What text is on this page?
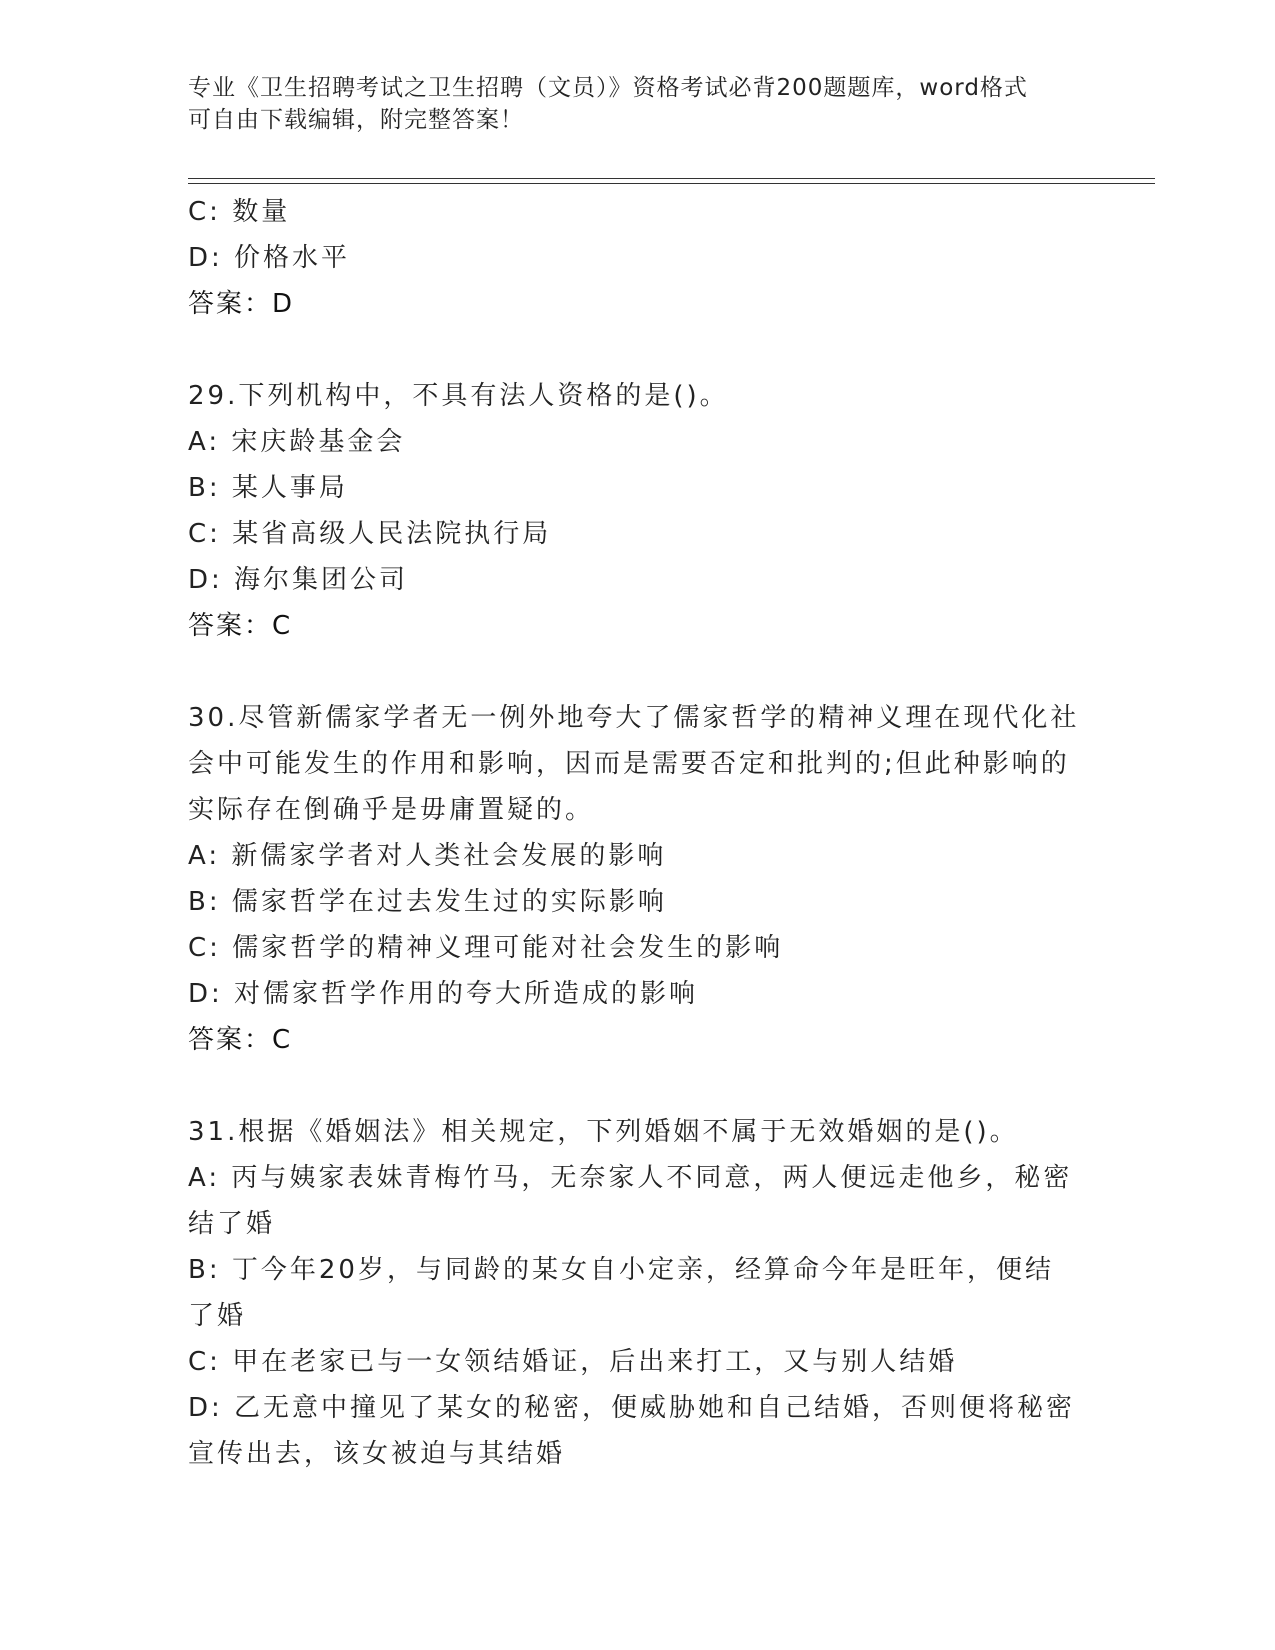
专业《卫生招聘考试之卫生招聘（文员）》资格考试必背200题题库，word格式
可自由下载编辑，附完整答案！
C: 数量
D: 价格水平
答案：D
29.下列机构中，不具有法人资格的是()。
A: 宋庆龄基金会
B: 某人事局
C: 某省高级人民法院执行局
D: 海尔集团公司
答案：C
30.尽管新儒家学者无一例外地夸大了儒家哲学的精神义理在现代化社
会中可能发生的作用和影响，因而是需要否定和批判的;但此种影响的
实际存在倒确乎是毋庸置疑的。
A: 新儒家学者对人类社会发展的影响
B: 儒家哲学在过去发生过的实际影响
C: 儒家哲学的精神义理可能对社会发生的影响
D: 对儒家哲学作用的夸大所造成的影响
答案：C
31.根据《婚姻法》相关规定，下列婚姻不属于无效婚姻的是()。
A: 丙与姨家表妹青梅竹马，无奈家人不同意，两人便远走他乡，秘密
结了婚
B: 丁今年20岁，与同龄的某女自小定亲，经算命今年是旺年，便结
了婚
C: 甲在老家已与一女领结婚证，后出来打工，又与别人结婚
D: 乙无意中撞见了某女的秘密，便威胁她和自己结婚，否则便将秘密
宣传出去，该女被迫与其结婚
